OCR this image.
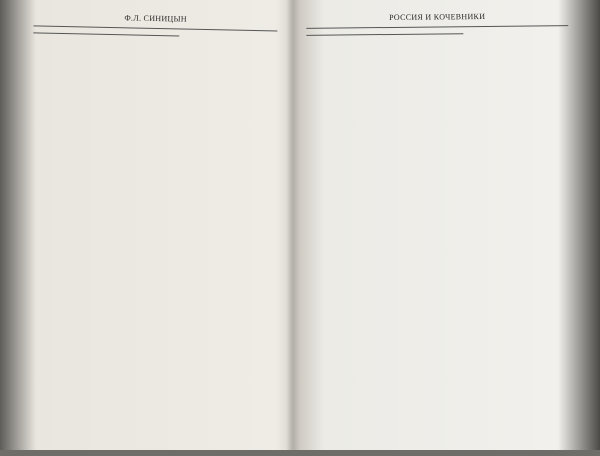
Ф.Л. СИНИЦЫН	РОССИЯ И КОЧЕВНИКИ
